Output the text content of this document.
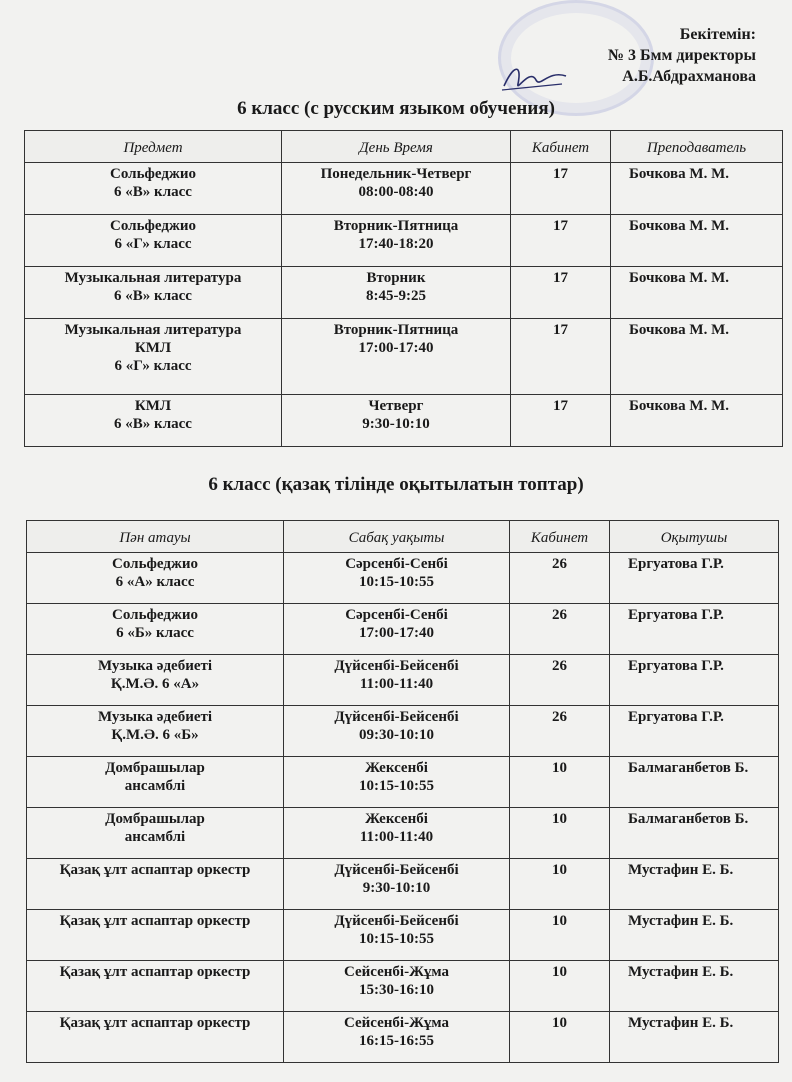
Бекітемін:
№ 3 Бмм директоры
А.Б.Абдрахманова
6 класс (с русским языком обучения)
Предмет	День Время	Кабинет	Преподаватель

Сольфеджио
6 «В» класс	Понедельник-Четверг
08:00-08:40	17	Бочкова М. М.

Сольфеджио
6 «Г» класс	Вторник-Пятница
17:40-18:20	17	Бочкова М. М.

Музыкальная литература
6 «В» класс	Вторник
8:45-9:25	17	Бочкова М. М.

Музыкальная литература
КМЛ
6 «Г» класс	Вторник-Пятница
17:00-17:40	17	Бочкова М. М.

КМЛ
6 «В» класс	Четверг
9:30-10:10	17	Бочкова М. М.
6 класс (қазақ тілінде оқытылатын топтар)
Пән атауы	Сабақ уақыты	Кабинет	Оқытушы

Сольфеджио
6 «А» класс	Сәрсенбі-Сенбі
10:15-10:55	26	Ергуатова Г.Р.

Сольфеджио
6 «Б» класс	Сәрсенбі-Сенбі
17:00-17:40	26	Ергуатова Г.Р.

Музыка әдебиеті
Қ.М.Ә. 6 «А»	Дүйсенбі-Бейсенбі
11:00-11:40	26	Ергуатова Г.Р.

Музыка әдебиеті
Қ.М.Ә. 6 «Б»	Дүйсенбі-Бейсенбі
09:30-10:10	26	Ергуатова Г.Р.

Домбрашылар
ансамблі	Жексенбі
10:15-10:55	10	Балмаганбетов Б.

Домбрашылар
ансамблі	Жексенбі
11:00-11:40	10	Балмаганбетов Б.

Қазақ ұлт аспаптар оркестр	Дүйсенбі-Бейсенбі
9:30-10:10	10	Мустафин Е. Б.

Қазақ ұлт аспаптар оркестр	Дүйсенбі-Бейсенбі
10:15-10:55	10	Мустафин Е. Б.

Қазақ ұлт аспаптар оркестр	Сейсенбі-Жұма
15:30-16:10	10	Мустафин Е. Б.

Қазақ ұлт аспаптар оркестр	Сейсенбі-Жұма
16:15-16:55	10	Мустафин Е. Б.
